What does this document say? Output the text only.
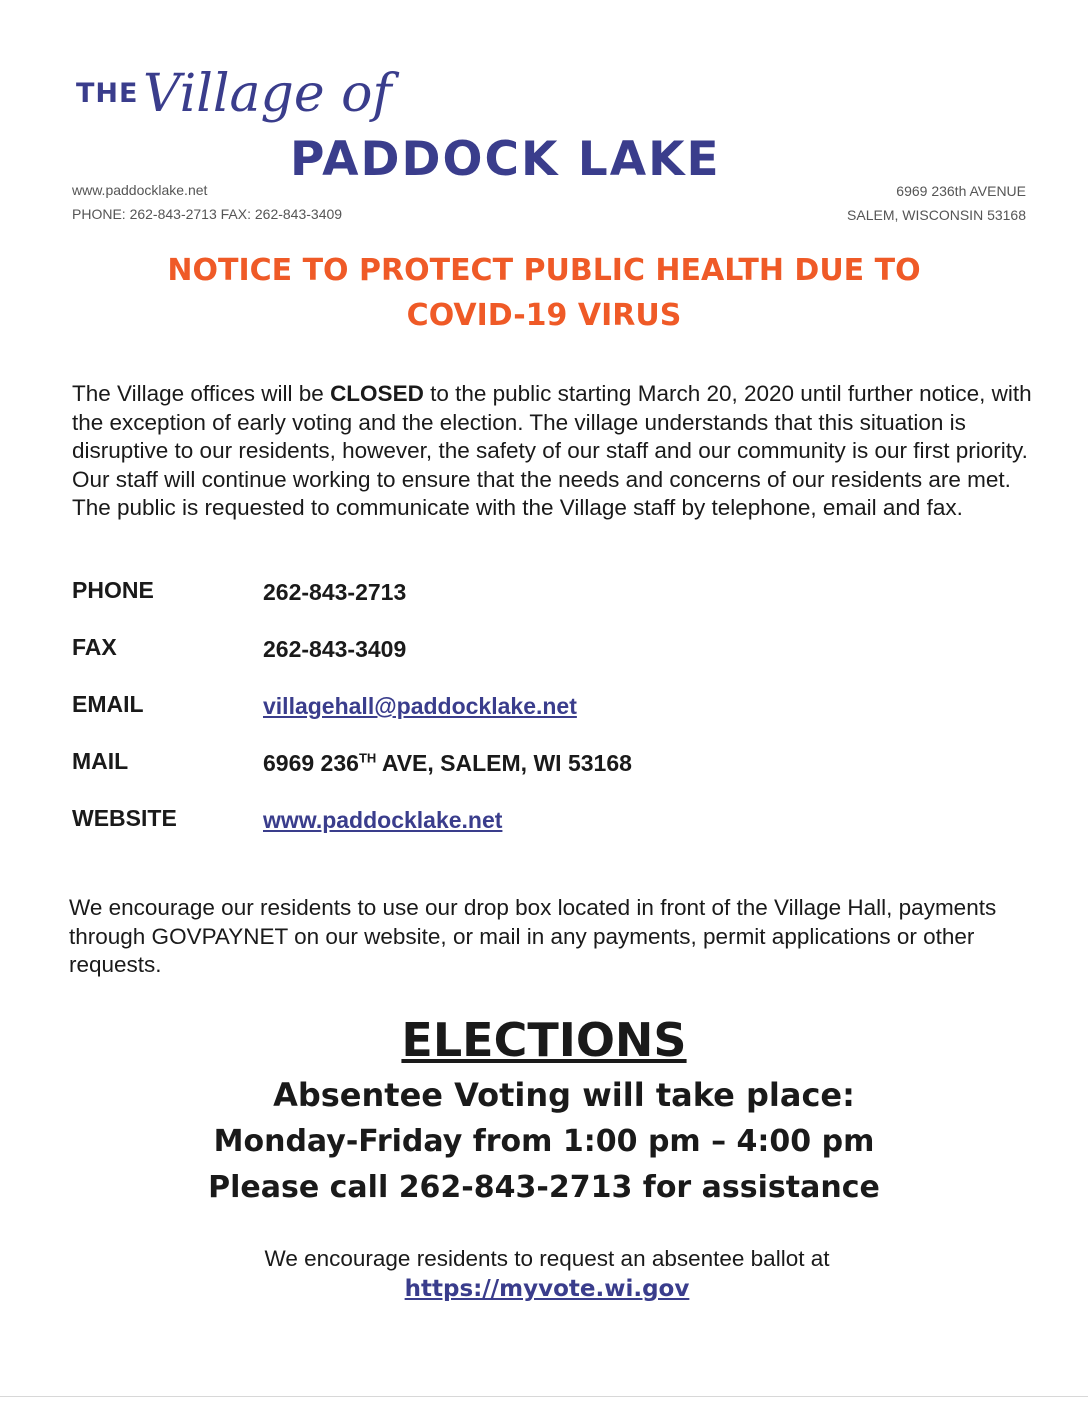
THE Village of
PADDOCK LAKE
www.paddocklake.net
PHONE: 262-843-2713 FAX: 262-843-3409
6969 236th AVENUE
SALEM, WISCONSIN 53168
NOTICE TO PROTECT PUBLIC HEALTH DUE TO
COVID-19 VIRUS
The Village offices will be CLOSED to the public starting March 20, 2020 until further notice, with the exception of early voting and the election. The village understands that this situation is disruptive to our residents, however, the safety of our staff and our community is our first priority. Our staff will continue working to ensure that the needs and concerns of our residents are met. The public is requested to communicate with the Village staff by telephone, email and fax.
PHONE	262-843-2713
FAX	262-843-3409
EMAIL	villagehall@paddocklake.net
MAIL	6969 236TH AVE, SALEM, WI 53168
WEBSITE	www.paddocklake.net
We encourage our residents to use our drop box located in front of the Village Hall, payments through GOVPAYNET on our website, or mail in any payments, permit applications or other requests.
ELECTIONS
Absentee Voting will take place:
Monday-Friday from 1:00 pm – 4:00 pm
Please call 262-843-2713 for assistance
We encourage residents to request an absentee ballot at
https://myvote.wi.gov
